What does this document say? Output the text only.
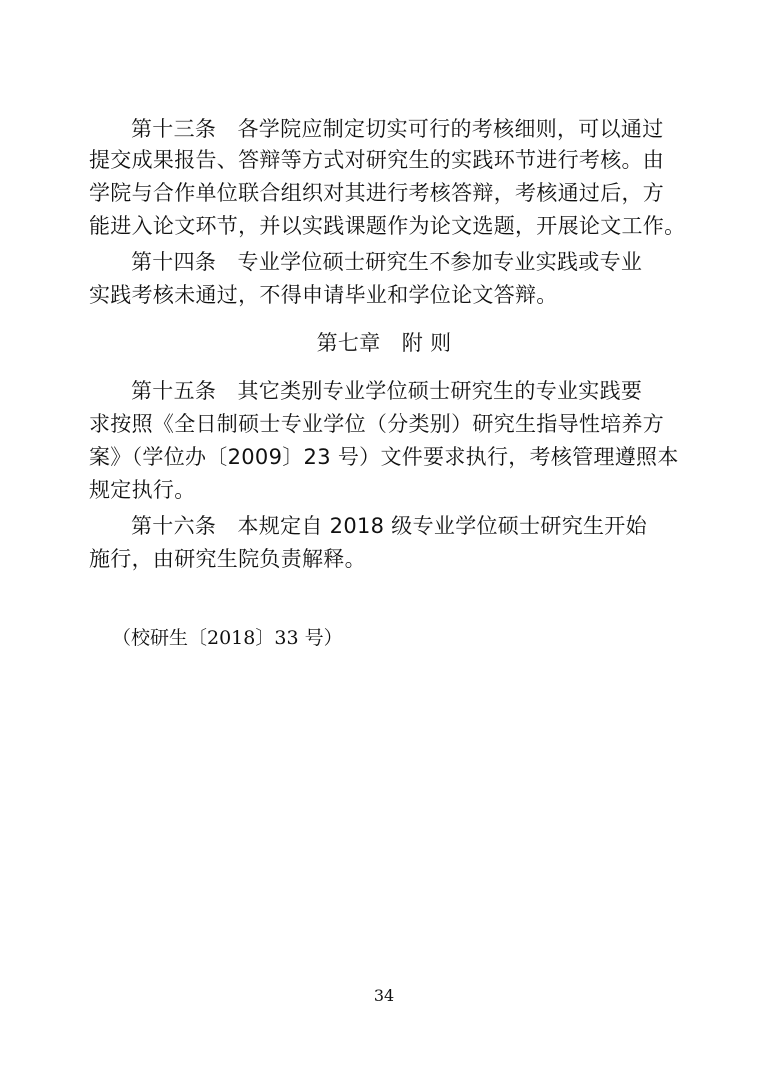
第十三条　各学院应制定切实可行的考核细则，可以通过
提交成果报告、答辩等方式对研究生的实践环节进行考核。由
学院与合作单位联合组织对其进行考核答辩，考核通过后，方
能进入论文环节，并以实践课题作为论文选题，开展论文工作。
第十四条　专业学位硕士研究生不参加专业实践或专业
实践考核未通过，不得申请毕业和学位论文答辩。
第七章　附 则
第十五条　其它类别专业学位硕士研究生的专业实践要
求按照《全日制硕士专业学位（分类别）研究生指导性培养方
案》（学位办〔2009〕23 号）文件要求执行，考核管理遵照本
规定执行。
第十六条　本规定自 2018 级专业学位硕士研究生开始
施行，由研究生院负责解释。
（校研生〔2018〕33 号）
34
